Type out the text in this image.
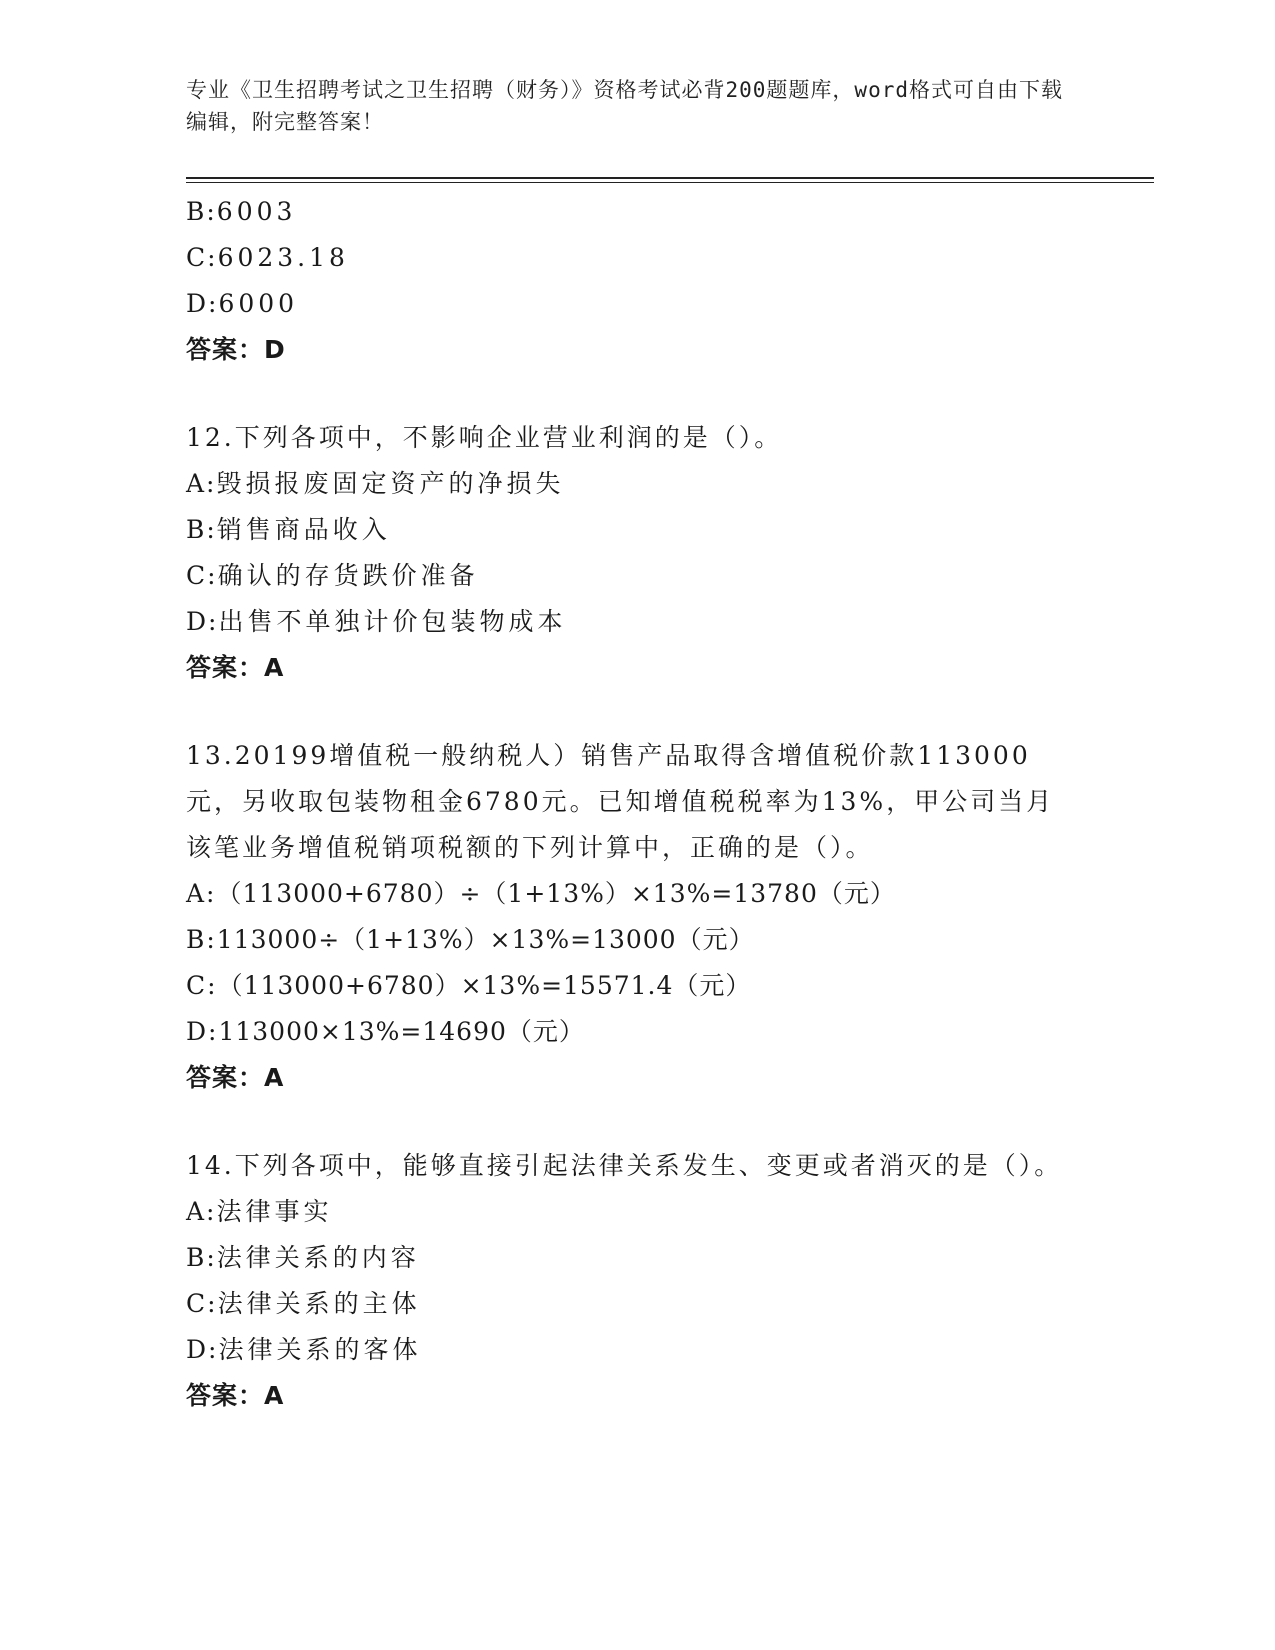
专业《卫生招聘考试之卫生招聘（财务）》资格考试必背200题题库，word格式可自由下载编辑，附完整答案！
B:6003
C:6023.18
D:6000
答案：D
12.下列各项中，不影响企业营业利润的是（）。
A:毁损报废固定资产的净损失
B:销售商品收入
C:确认的存货跌价准备
D:出售不单独计价包装物成本
答案：A
13.20199增值税一般纳税人）销售产品取得含增值税价款113000元，另收取包装物租金6780元。已知增值税税率为13%，甲公司当月该笔业务增值税销项税额的下列计算中，正确的是（）。
A:（113000+6780）÷（1+13%）×13%=13780（元）
B:113000÷（1+13%）×13%=13000（元）
C:（113000+6780）×13%=15571.4（元）
D:113000×13%=14690（元）
答案：A
14.下列各项中，能够直接引起法律关系发生、变更或者消灭的是（）。
A:法律事实
B:法律关系的内容
C:法律关系的主体
D:法律关系的客体
答案：A
